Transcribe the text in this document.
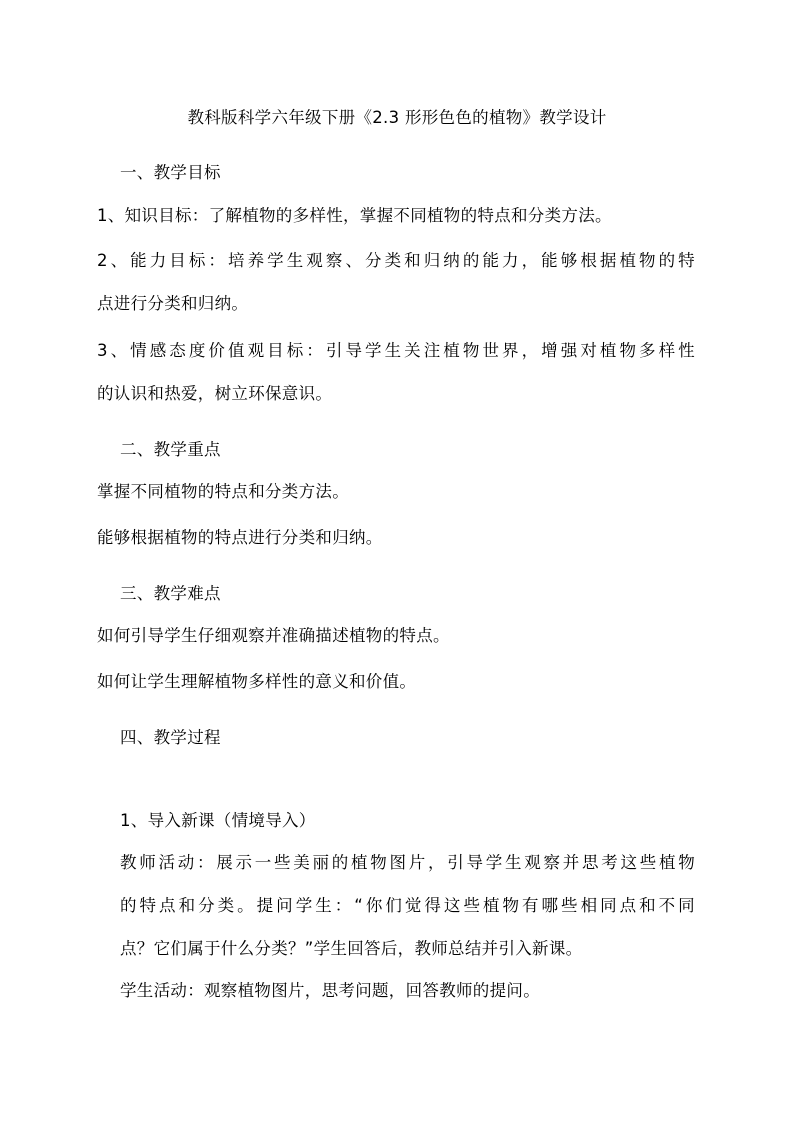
教科版科学六年级下册《2.3 形形色色的植物》教学设计
一、教学目标
1、知识目标：了解植物的多样性，掌握不同植物的特点和分类方法。
2、能力目标：培养学生观察、分类和归纳的能力，能够根据植物的特
点进行分类和归纳。
3、情感态度价值观目标：引导学生关注植物世界，增强对植物多样性
的认识和热爱，树立环保意识。
二、教学重点
掌握不同植物的特点和分类方法。
能够根据植物的特点进行分类和归纳。
三、教学难点
如何引导学生仔细观察并准确描述植物的特点。
如何让学生理解植物多样性的意义和价值。
四、教学过程
1、导入新课（情境导入）
教师活动：展示一些美丽的植物图片，引导学生观察并思考这些植物
的特点和分类。提问学生：“你们觉得这些植物有哪些相同点和不同
点？它们属于什么分类？”学生回答后，教师总结并引入新课。
学生活动：观察植物图片，思考问题，回答教师的提问。
